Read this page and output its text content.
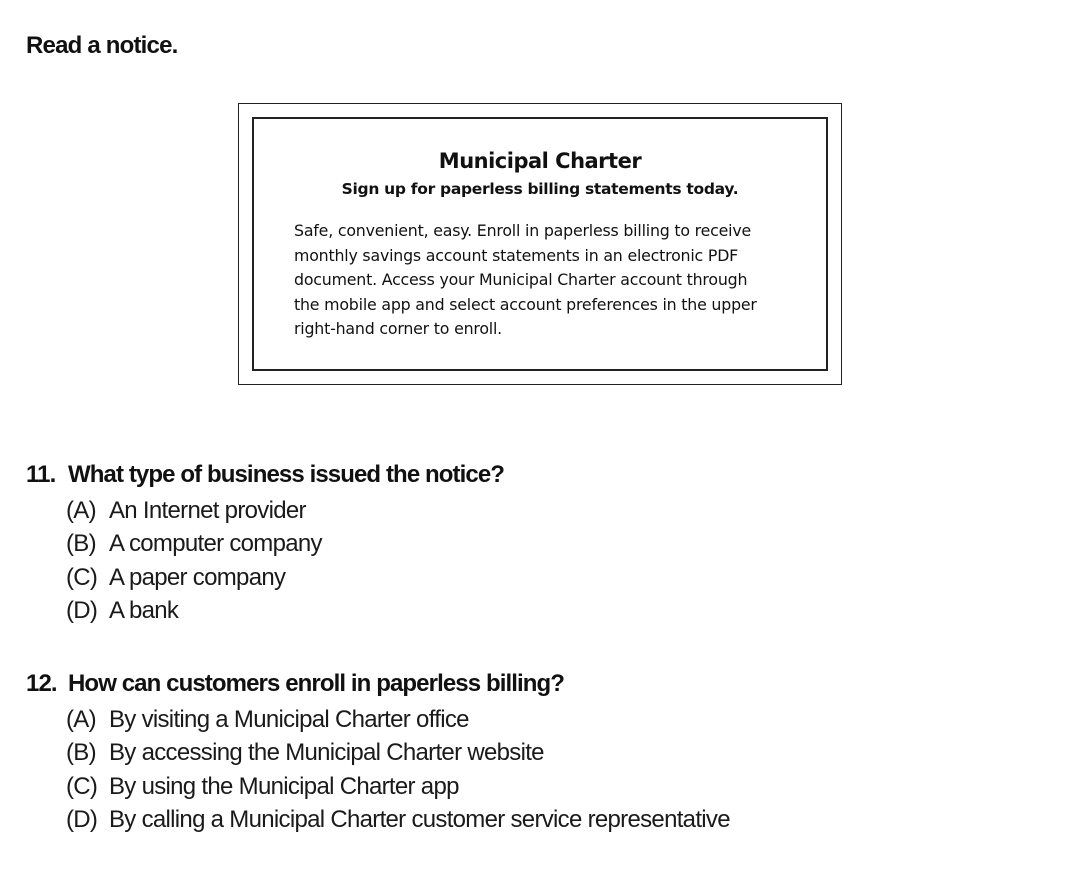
Read a notice.
Municipal Charter
Sign up for paperless billing statements today.
Safe, convenient, easy. Enroll in paperless billing to receive
monthly savings account statements in an electronic PDF
document. Access your Municipal Charter account through
the mobile app and select account preferences in the upper
right-hand corner to enroll.
11. What type of business issued the notice?
(A) An Internet provider
(B) A computer company
(C) A paper company
(D) A bank
12. How can customers enroll in paperless billing?
(A) By visiting a Municipal Charter office
(B) By accessing the Municipal Charter website
(C) By using the Municipal Charter app
(D) By calling a Municipal Charter customer service representative
